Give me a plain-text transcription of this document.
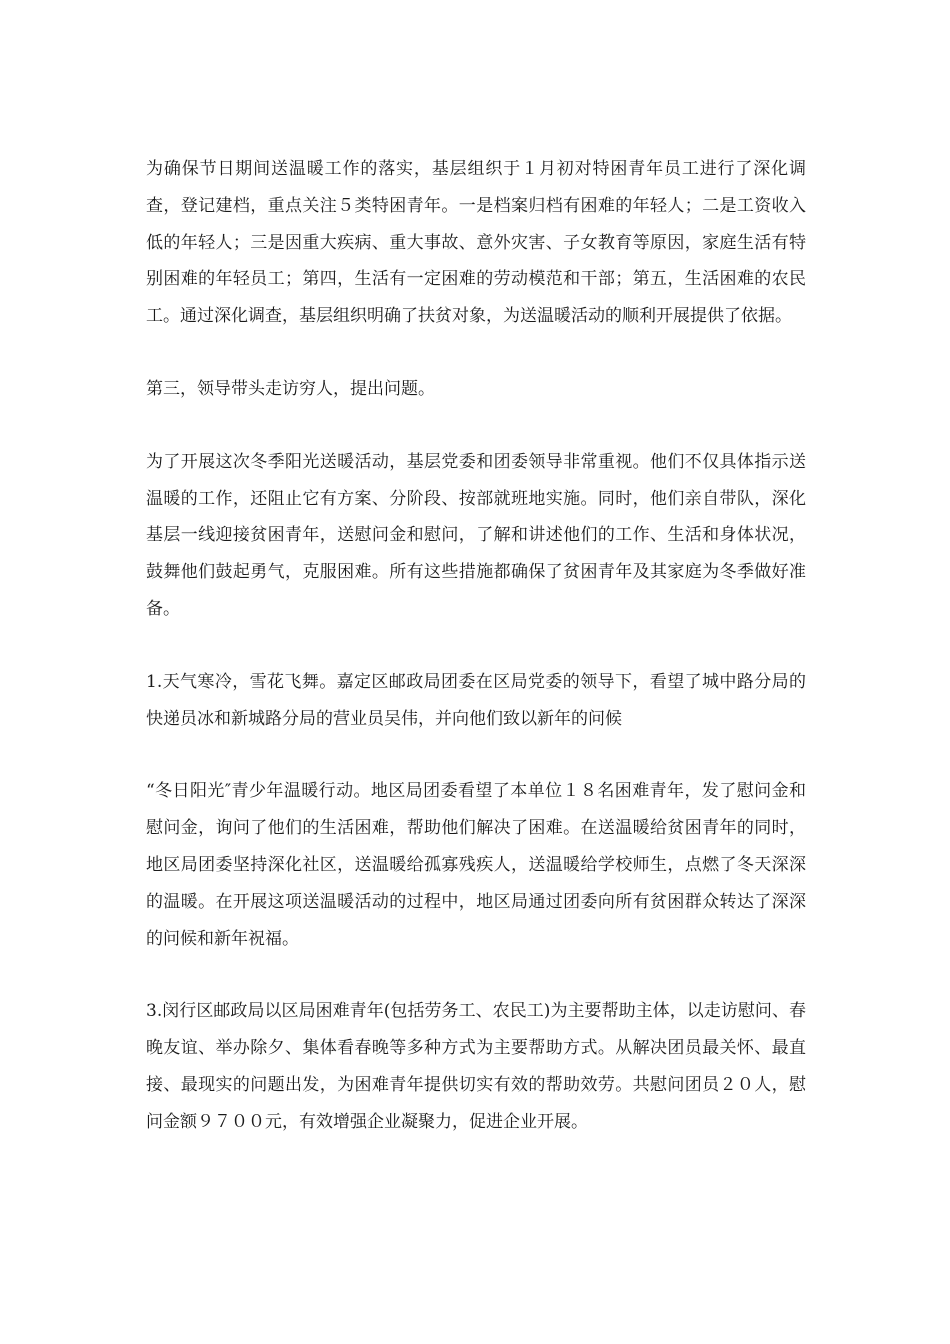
为确保节日期间送温暖工作的落实，基层组织于１月初对特困青年员工进行了深化调查，登记建档，重点关注５类特困青年。一是档案归档有困难的年轻人；二是工资收入低的年轻人；三是因重大疾病、重大事故、意外灾害、子女教育等原因，家庭生活有特别困难的年轻员工；第四，生活有一定困难的劳动模范和干部；第五，生活困难的农民工。通过深化调查，基层组织明确了扶贫对象，为送温暖活动的顺利开展提供了依据。

第三，领导带头走访穷人，提出问题。

为了开展这次冬季阳光送暖活动，基层党委和团委领导非常重视。他们不仅具体指示送温暖的工作，还阻止它有方案、分阶段、按部就班地实施。同时，他们亲自带队，深化基层一线迎接贫困青年，送慰问金和慰问，了解和讲述他们的工作、生活和身体状况，鼓舞他们鼓起勇气，克服困难。所有这些措施都确保了贫困青年及其家庭为冬季做好准备。

1.天气寒冷，雪花飞舞。嘉定区邮政局团委在区局党委的领导下，看望了城中路分局的快递员冰和新城路分局的营业员吴伟，并向他们致以新年的问候

“冬日阳光″青少年温暖行动。地区局团委看望了本单位１８名困难青年，发了慰问金和慰问金，询问了他们的生活困难，帮助他们解决了困难。在送温暖给贫困青年的同时，地区局团委坚持深化社区，送温暖给孤寡残疾人，送温暖给学校师生，点燃了冬天深深的温暖。在开展这项送温暖活动的过程中，地区局通过团委向所有贫困群众转达了深深的问候和新年祝福。

3.闵行区邮政局以区局困难青年(包括劳务工、农民工)为主要帮助主体，以走访慰问、春晚友谊、举办除夕、集体看春晚等多种方式为主要帮助方式。从解决团员最关怀、最直接、最现实的问题出发，为困难青年提供切实有效的帮助效劳。共慰问团员２０人，慰问金额９７００元，有效增强企业凝聚力，促进企业开展。
